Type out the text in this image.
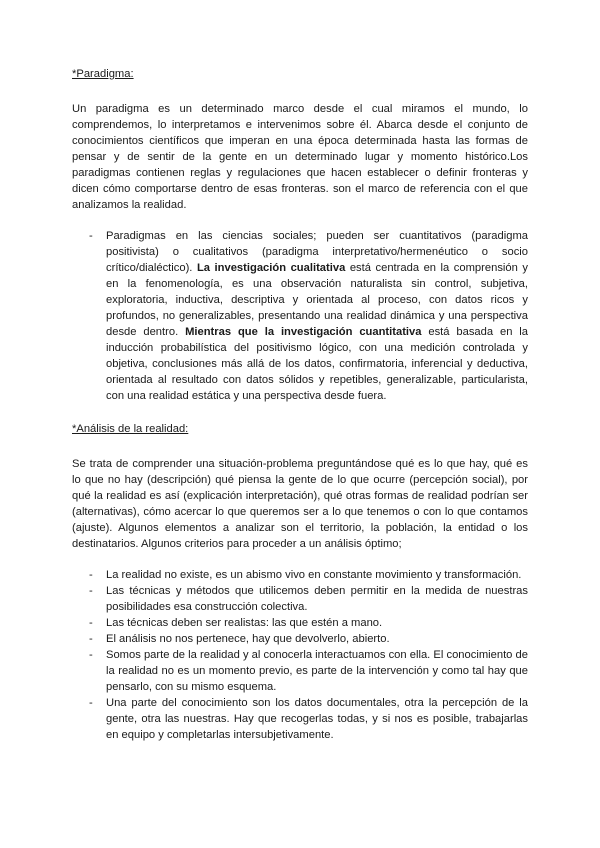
*Paradigma:

Un paradigma es un determinado marco desde el cual miramos el mundo, lo comprendemos, lo interpretamos e intervenimos sobre él. Abarca desde el conjunto de conocimientos científicos que imperan en una época determinada hasta las formas de pensar y de sentir de la gente en un determinado lugar y momento histórico.Los paradigmas contienen reglas y regulaciones que hacen establecer o definir fronteras y dicen cómo comportarse dentro de esas fronteras. son el marco de referencia con el que analizamos la realidad.

- Paradigmas en las ciencias sociales; pueden ser cuantitativos (paradigma positivista) o cualitativos (paradigma interpretativo/hermenéutico o socio crítico/dialéctico). La investigación cualitativa está centrada en la comprensión y en la fenomenología, es una observación naturalista sin control, subjetiva, exploratoria, inductiva, descriptiva y orientada al proceso, con datos ricos y profundos, no generalizables, presentando una realidad dinámica y una perspectiva desde dentro. Mientras que la investigación cuantitativa está basada en la inducción probabilística del positivismo lógico, con una medición controlada y objetiva, conclusiones más allá de los datos, confirmatoria, inferencial y deductiva, orientada al resultado con datos sólidos y repetibles, generalizable, particularista, con una realidad estática y una perspectiva desde fuera.

*Análisis de la realidad:

Se trata de comprender una situación-problema preguntándose qué es lo que hay, qué es lo que no hay (descripción) qué piensa la gente de lo que ocurre (percepción social), por qué la realidad es así (explicación interpretación), qué otras formas de realidad podrían ser (alternativas), cómo acercar lo que queremos ser a lo que tenemos o con lo que contamos (ajuste). Algunos elementos a analizar son el territorio, la población, la entidad o los destinatarios. Algunos criterios para proceder a un análisis óptimo;

- La realidad no existe, es un abismo vivo en constante movimiento y transformación.
- Las técnicas y métodos que utilicemos deben permitir en la medida de nuestras posibilidades esa construcción colectiva.
- Las técnicas deben ser realistas: las que estén a mano.
- El análisis no nos pertenece, hay que devolverlo, abierto.
- Somos parte de la realidad y al conocerla interactuamos con ella. El conocimiento de la realidad no es un momento previo, es parte de la intervención y como tal hay que pensarlo, con su mismo esquema.
- Una parte del conocimiento son los datos documentales, otra la percepción de la gente, otra las nuestras. Hay que recogerlas todas, y si nos es posible, trabajarlas en equipo y completarlas intersubjetivamente.
